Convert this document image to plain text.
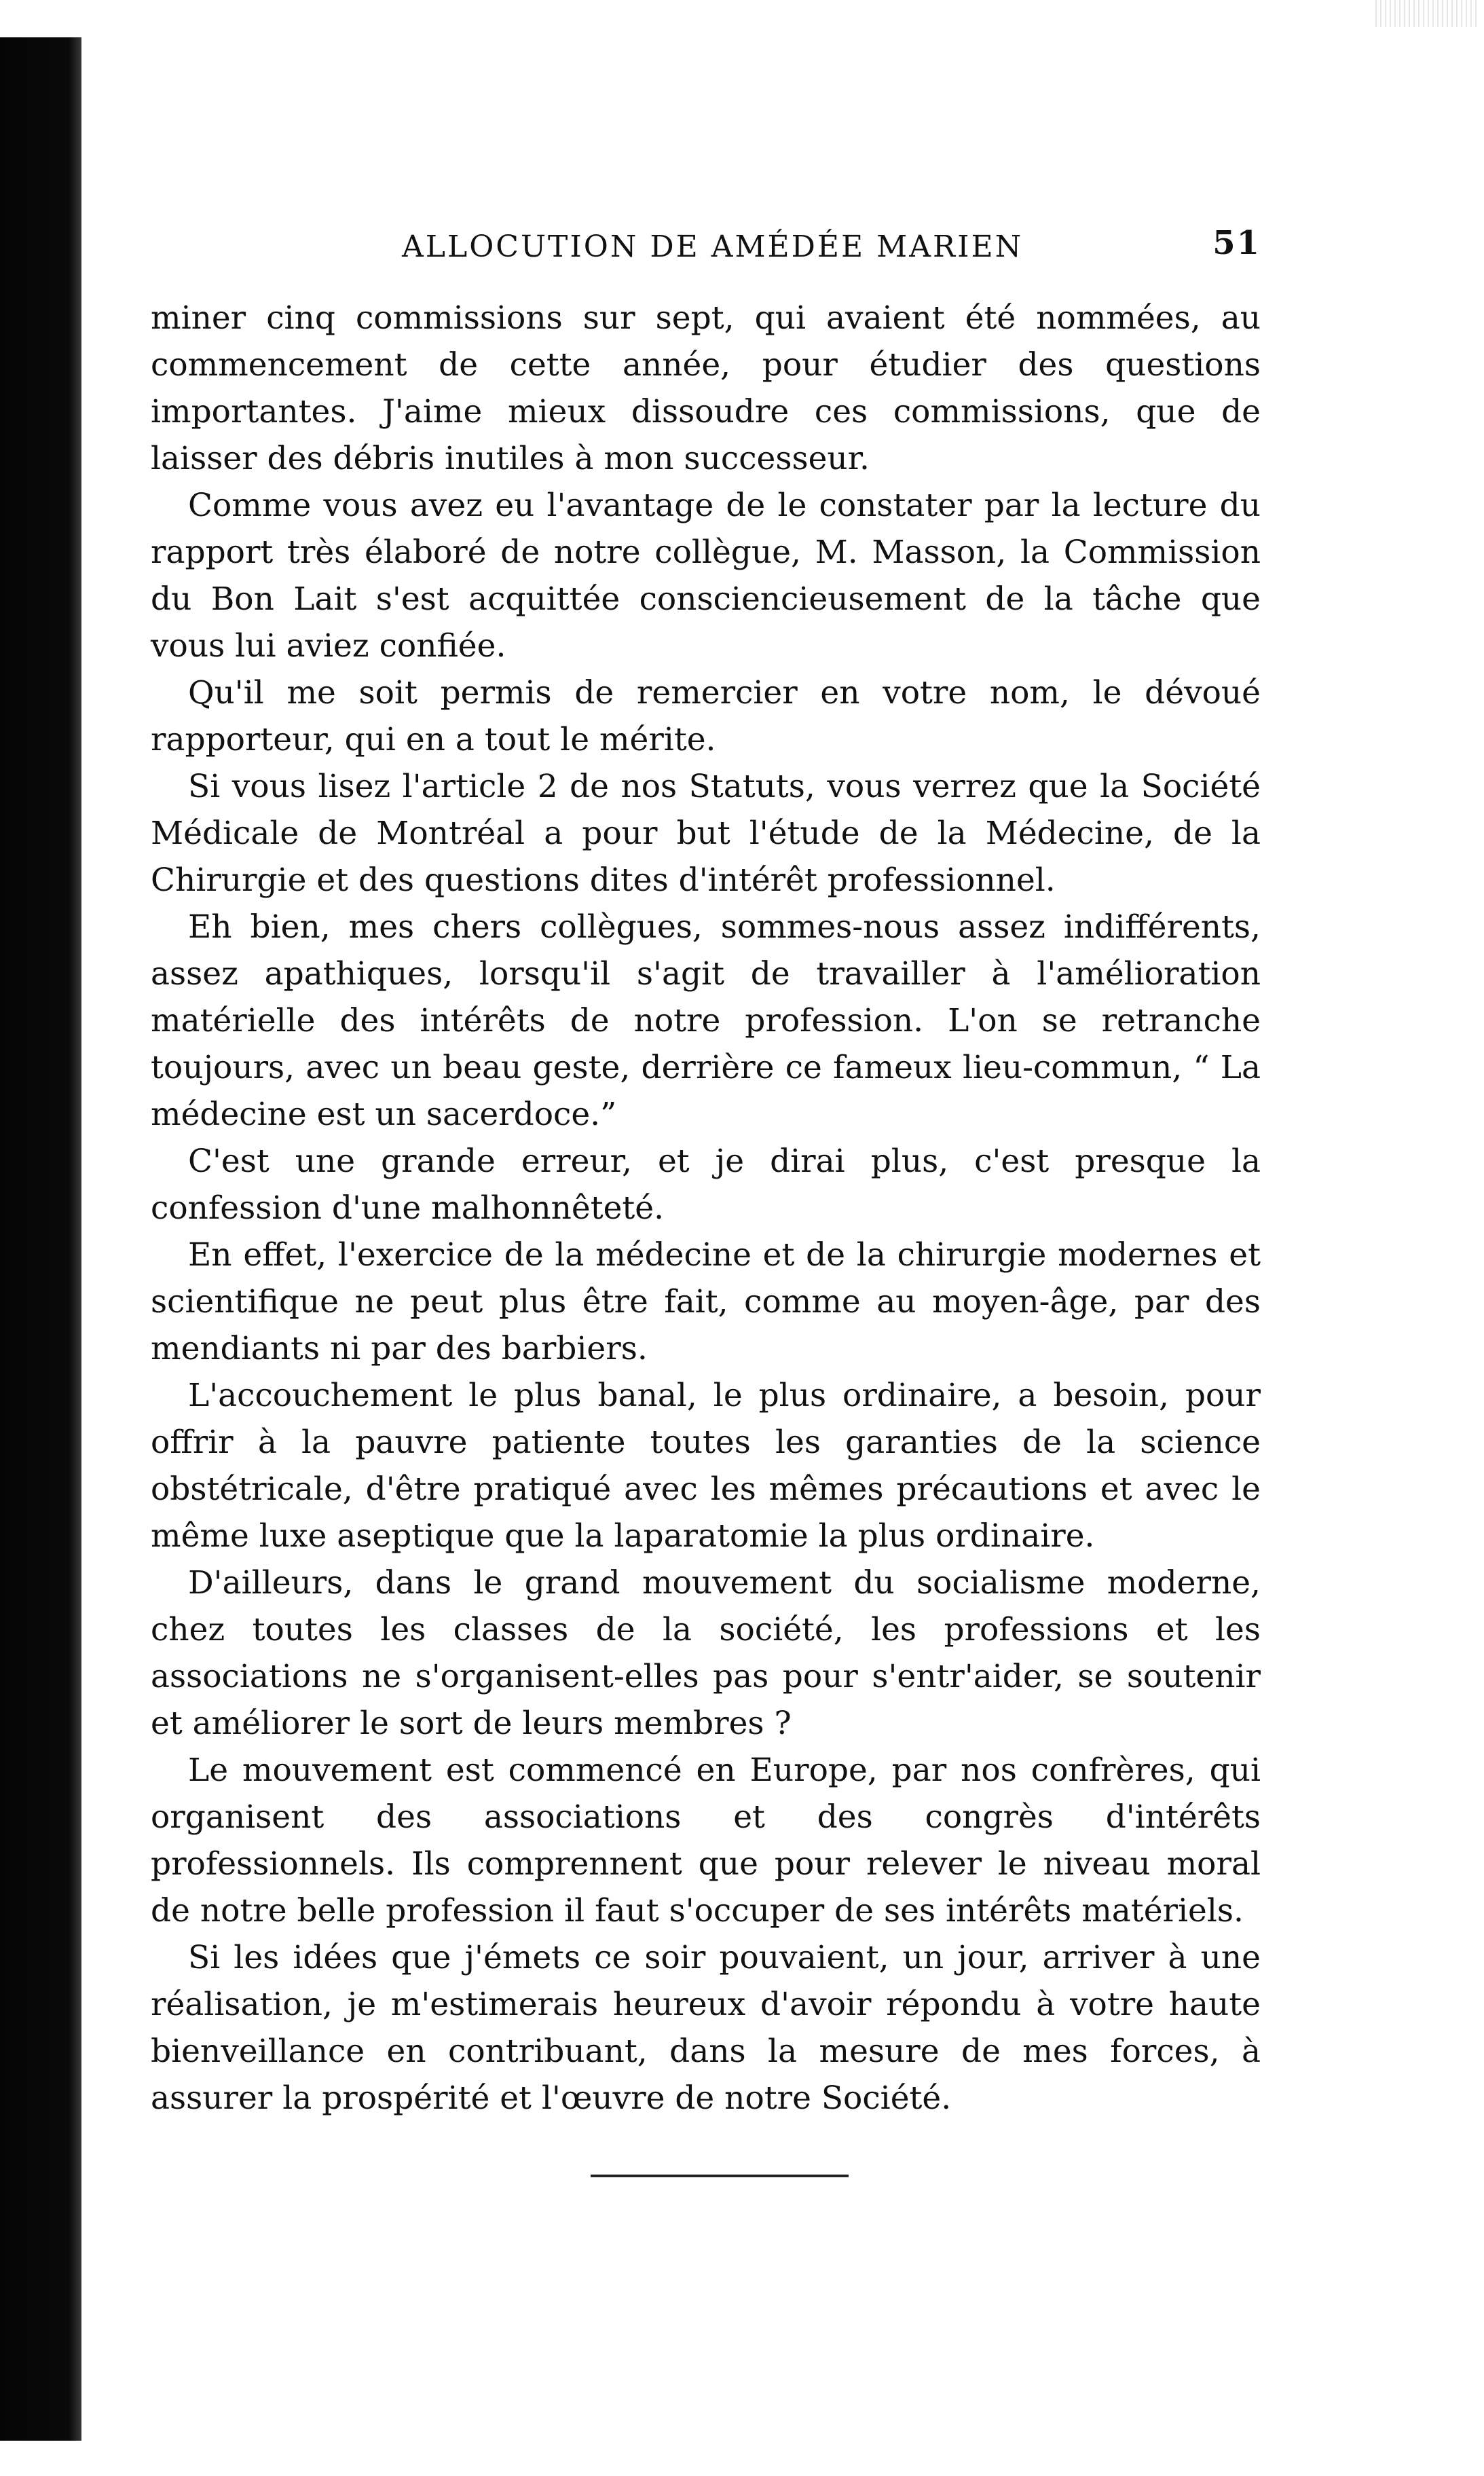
ALLOCUTION DE AMÉDÉE MARIEN	51

miner cinq commissions sur sept, qui avaient été nommées, au commencement de cette année, pour étudier des questions importantes. J'aime mieux dissoudre ces commissions, que de laisser des débris inutiles à mon successeur.

Comme vous avez eu l'avantage de le constater par la lecture du rapport très élaboré de notre collègue, M. Masson, la Commission du Bon Lait s'est acquittée consciencieusement de la tâche que vous lui aviez confiée.

Qu'il me soit permis de remercier en votre nom, le dévoué rapporteur, qui en a tout le mérite.

Si vous lisez l'article 2 de nos Statuts, vous verrez que la Société Médicale de Montréal a pour but l'étude de la Médecine, de la Chirurgie et des questions dites d'intérêt professionnel.

Eh bien, mes chers collègues, sommes-nous assez indifférents, assez apathiques, lorsqu'il s'agit de travailler à l'amélioration matérielle des intérêts de notre profession. L'on se retranche toujours, avec un beau geste, derrière ce fameux lieu-commun, “ La médecine est un sacerdoce.”

C'est une grande erreur, et je dirai plus, c'est presque la confession d'une malhonnêteté.

En effet, l'exercice de la médecine et de la chirurgie modernes et scientifique ne peut plus être fait, comme au moyen-âge, par des mendiants ni par des barbiers.

L'accouchement le plus banal, le plus ordinaire, a besoin, pour offrir à la pauvre patiente toutes les garanties de la science obstétricale, d'être pratiqué avec les mêmes précautions et avec le même luxe aseptique que la laparatomie la plus ordinaire.

D'ailleurs, dans le grand mouvement du socialisme moderne, chez toutes les classes de la société, les professions et les associations ne s'organisent-elles pas pour s'entr'aider, se soutenir et améliorer le sort de leurs membres ?

Le mouvement est commencé en Europe, par nos confrères, qui organisent des associations et des congrès d'intérêts professionnels. Ils comprennent que pour relever le niveau moral de notre belle profession il faut s'occuper de ses intérêts matériels.

Si les idées que j'émets ce soir pouvaient, un jour, arriver à une réalisation, je m'estimerais heureux d'avoir répondu à votre haute bienveillance en contribuant, dans la mesure de mes forces, à assurer la prospérité et l'œuvre de notre Société.
